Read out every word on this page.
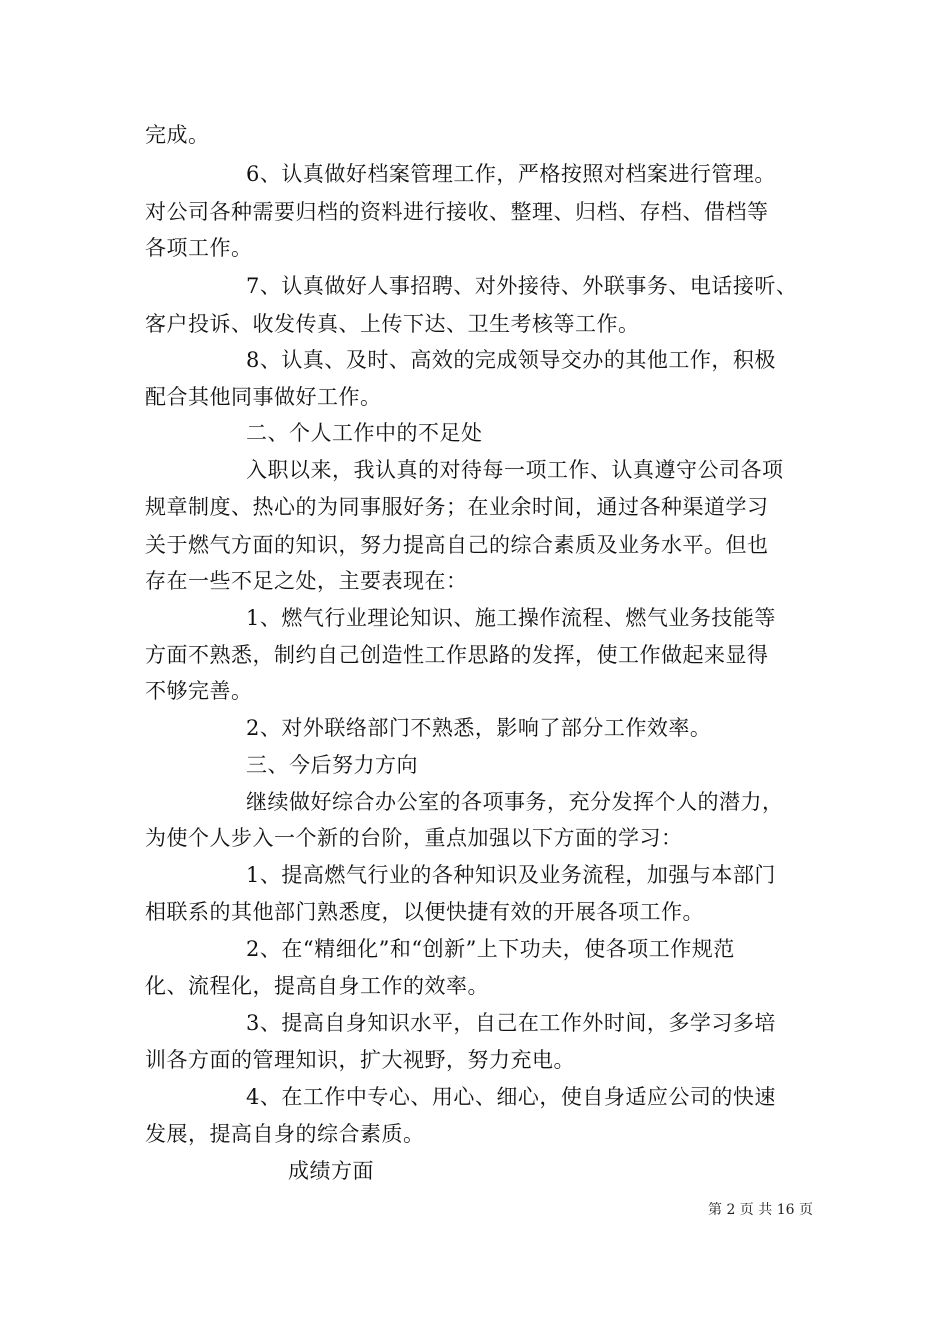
完成。
6、认真做好档案管理工作，严格按照对档案进行管理。
对公司各种需要归档的资料进行接收、整理、归档、存档、借档等
各项工作。
7、认真做好人事招聘、对外接待、外联事务、电话接听、
客户投诉、收发传真、上传下达、卫生考核等工作。
8、认真、及时、高效的完成领导交办的其他工作，积极
配合其他同事做好工作。
二、个人工作中的不足处
入职以来，我认真的对待每一项工作、认真遵守公司各项
规章制度、热心的为同事服好务；在业余时间，通过各种渠道学习
关于燃气方面的知识，努力提高自己的综合素质及业务水平。但也
存在一些不足之处，主要表现在：
1、燃气行业理论知识、施工操作流程、燃气业务技能等
方面不熟悉，制约自己创造性工作思路的发挥，使工作做起来显得
不够完善。
2、对外联络部门不熟悉，影响了部分工作效率。
三、今后努力方向
继续做好综合办公室的各项事务，充分发挥个人的潜力，
为使个人步入一个新的台阶，重点加强以下方面的学习：
1、提高燃气行业的各种知识及业务流程，加强与本部门
相联系的其他部门熟悉度，以便快捷有效的开展各项工作。
2、在“精细化”和“创新”上下功夫，使各项工作规范
化、流程化，提高自身工作的效率。
3、提高自身知识水平，自己在工作外时间，多学习多培
训各方面的管理知识，扩大视野，努力充电。
4、在工作中专心、用心、细心，使自身适应公司的快速
发展，提高自身的综合素质。
成绩方面
第 2 页 共 16 页
